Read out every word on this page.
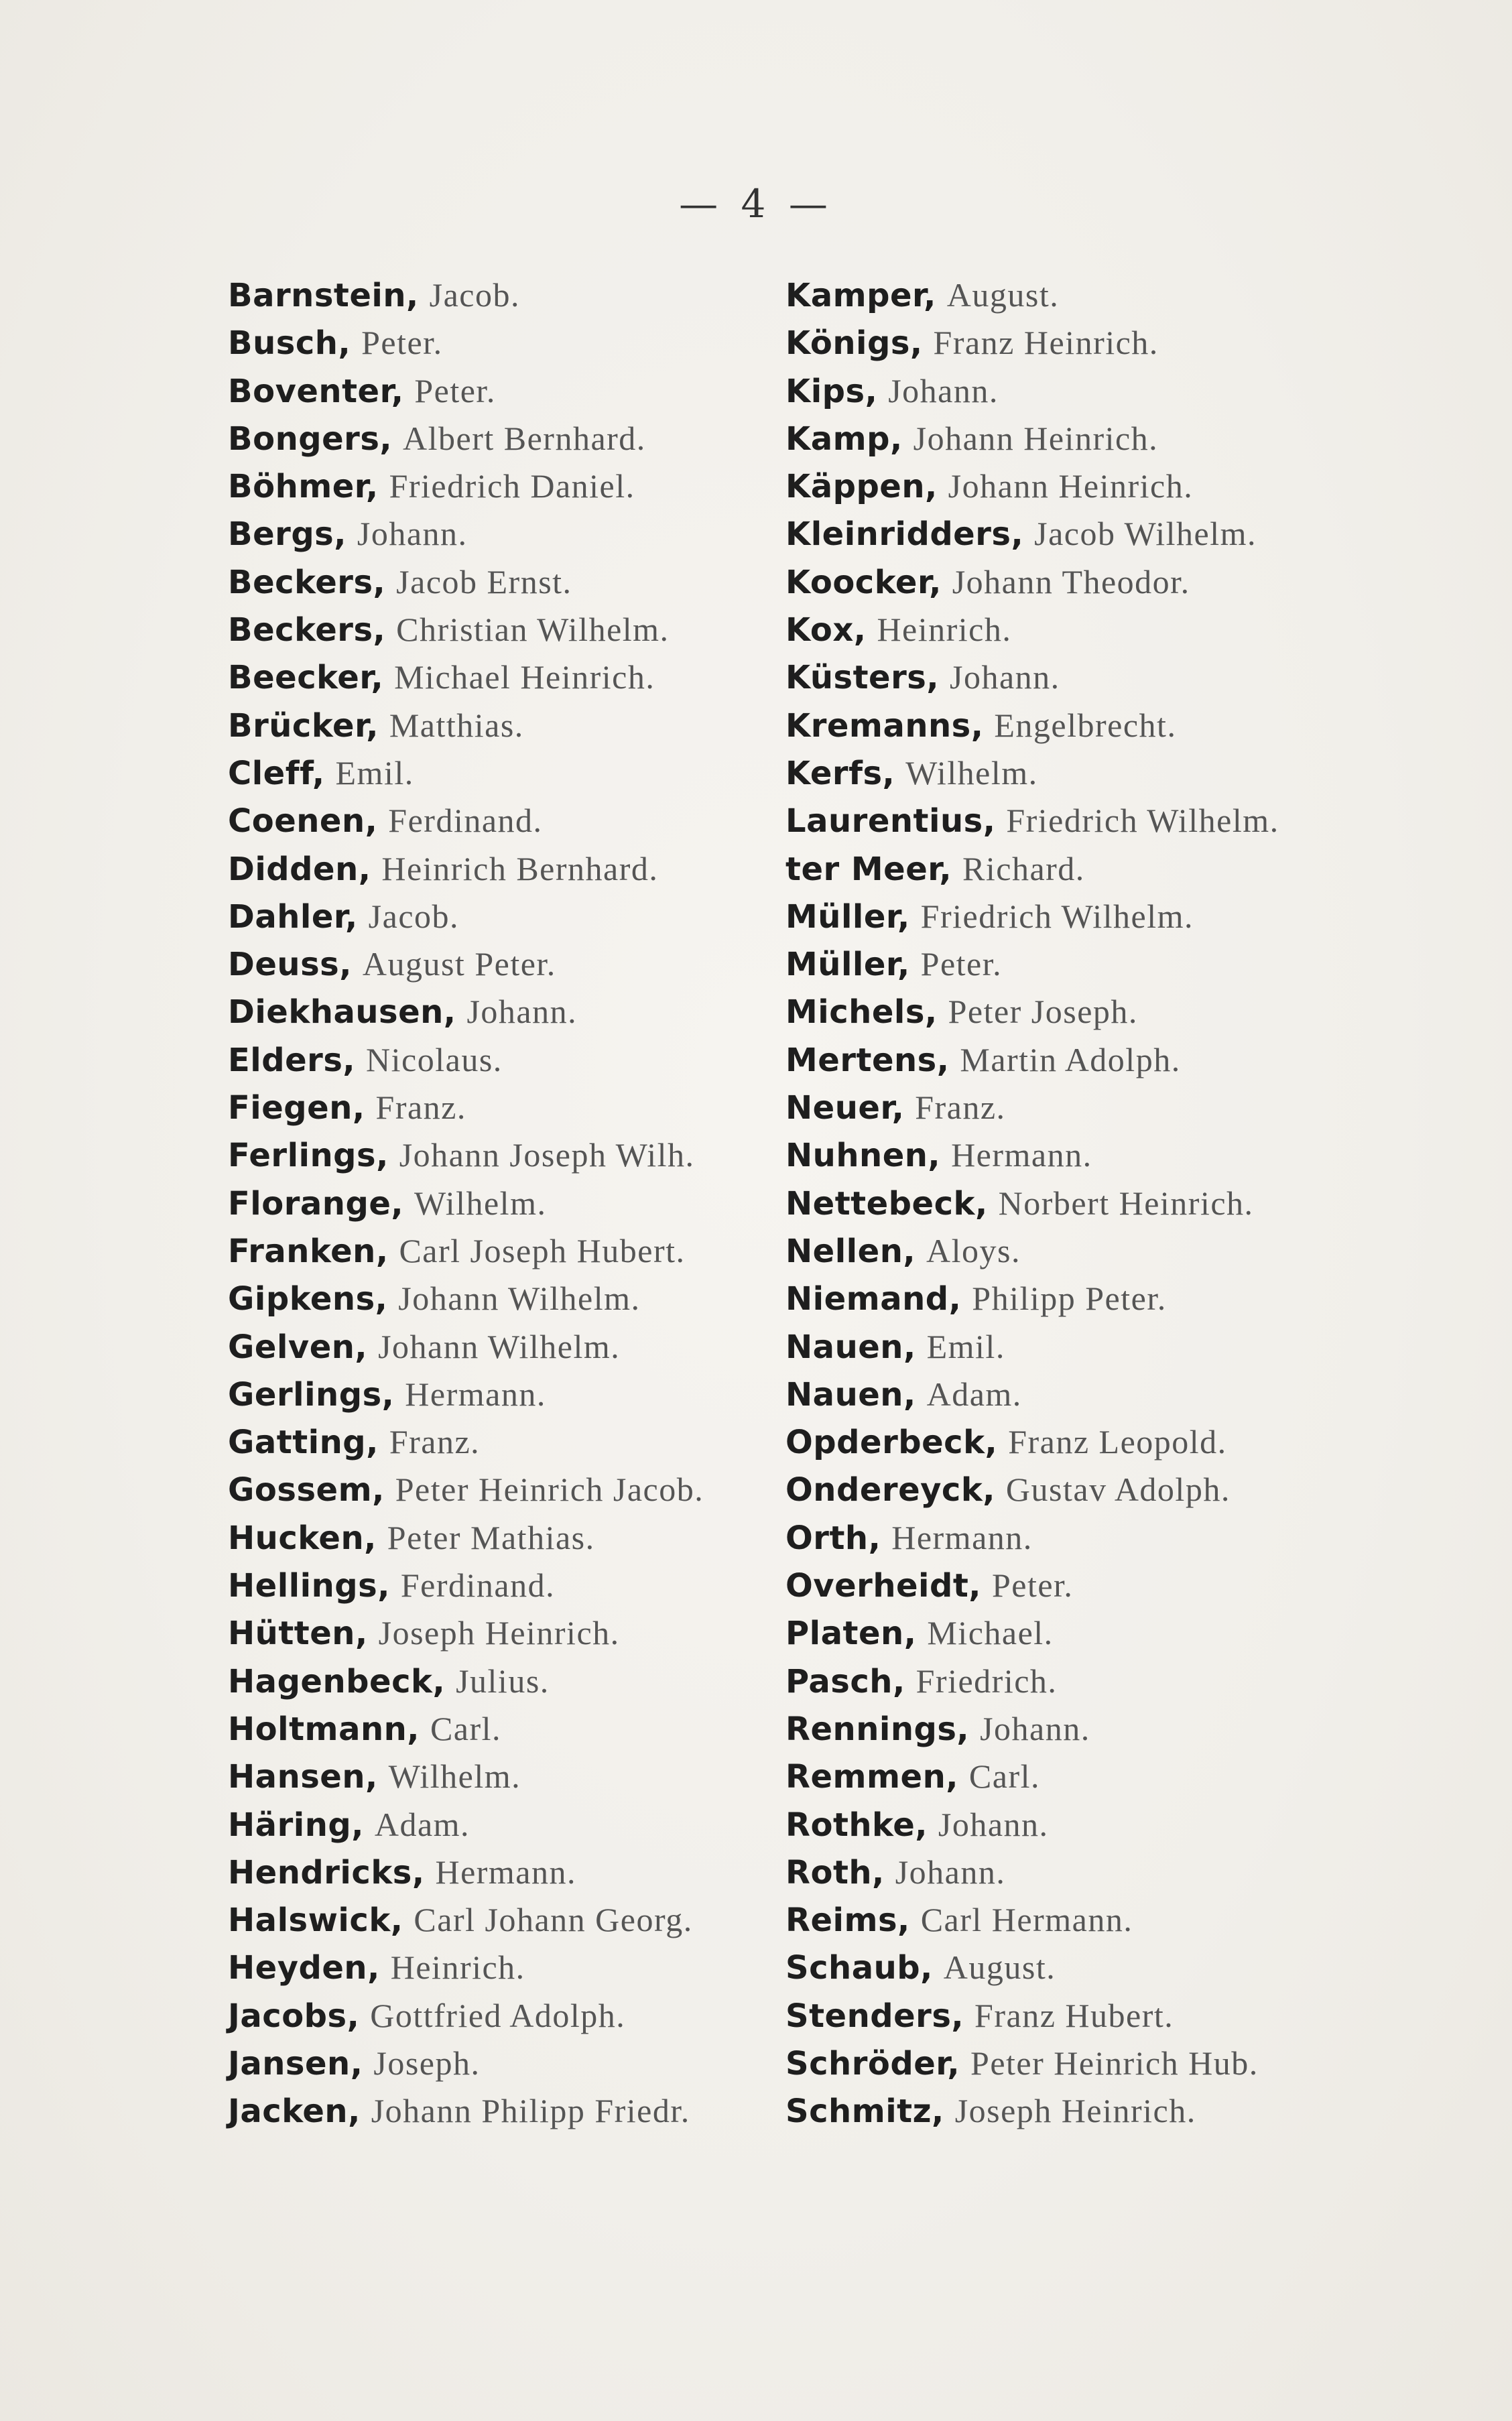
— 4 —
Barnstein, Jacob.
Busch, Peter.
Boventer, Peter.
Bongers, Albert Bernhard.
Böhmer, Friedrich Daniel.
Bergs, Johann.
Beckers, Jacob Ernst.
Beckers, Christian Wilhelm.
Beecker, Michael Heinrich.
Brücker, Matthias.
Cleff, Emil.
Coenen, Ferdinand.
Didden, Heinrich Bernhard.
Dahler, Jacob.
Deuss, August Peter.
Diekhausen, Johann.
Elders, Nicolaus.
Fiegen, Franz.
Ferlings, Johann Joseph Wilh.
Florange, Wilhelm.
Franken, Carl Joseph Hubert.
Gipkens, Johann Wilhelm.
Gelven, Johann Wilhelm.
Gerlings, Hermann.
Gatting, Franz.
Gossem, Peter Heinrich Jacob.
Hucken, Peter Mathias.
Hellings, Ferdinand.
Hütten, Joseph Heinrich.
Hagenbeck, Julius.
Holtmann, Carl.
Hansen, Wilhelm.
Häring, Adam.
Hendricks, Hermann.
Halswick, Carl Johann Georg.
Heyden, Heinrich.
Jacobs, Gottfried Adolph.
Jansen, Joseph.
Jacken, Johann Philipp Friedr.
Kamper, August.
Königs, Franz Heinrich.
Kips, Johann.
Kamp, Johann Heinrich.
Käppen, Johann Heinrich.
Kleinridders, Jacob Wilhelm.
Koocker, Johann Theodor.
Kox, Heinrich.
Küsters, Johann.
Kremanns, Engelbrecht.
Kerfs, Wilhelm.
Laurentius, Friedrich Wilhelm.
ter Meer, Richard.
Müller, Friedrich Wilhelm.
Müller, Peter.
Michels, Peter Joseph.
Mertens, Martin Adolph.
Neuer, Franz.
Nuhnen, Hermann.
Nettebeck, Norbert Heinrich.
Nellen, Aloys.
Niemand, Philipp Peter.
Nauen, Emil.
Nauen, Adam.
Opderbeck, Franz Leopold.
Ondereyck, Gustav Adolph.
Orth, Hermann.
Overheidt, Peter.
Platen, Michael.
Pasch, Friedrich.
Rennings, Johann.
Remmen, Carl.
Rothke, Johann.
Roth, Johann.
Reims, Carl Hermann.
Schaub, August.
Stenders, Franz Hubert.
Schröder, Peter Heinrich Hub.
Schmitz, Joseph Heinrich.
